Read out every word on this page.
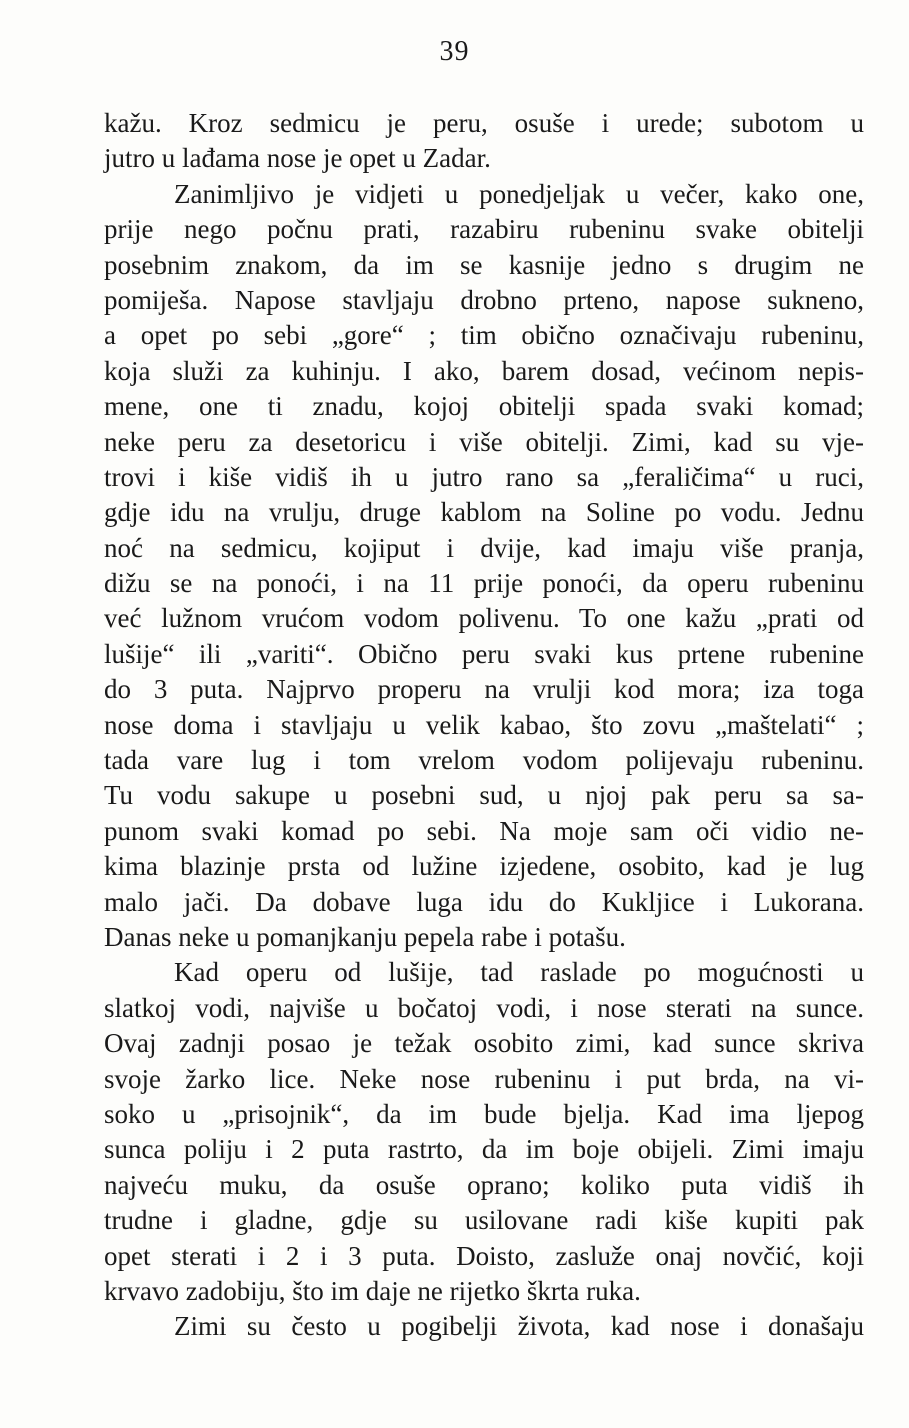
39
kažu. Kroz sedmicu je peru, osuše i urede; subotom u
jutro u lađama nose je opet u Zadar.
Zanimljivo je vidjeti u ponedjeljak u večer, kako one,
prije nego počnu prati, razabiru rubeninu svake obitelji
posebnim znakom, da im se kasnije jedno s drugim ne
pomiješa. Napose stavljaju drobno prteno, napose sukneno,
a opet po sebi „gore“ ; tim obično označivaju rubeninu,
koja služi za kuhinju. I ako, barem dosad, većinom nepis-
mene, one ti znadu, kojoj obitelji spada svaki komad;
neke peru za desetoricu i više obitelji. Zimi, kad su vje-
trovi i kiše vidiš ih u jutro rano sa „feraličima“ u ruci,
gdje idu na vrulju, druge kablom na Soline po vodu. Jednu
noć na sedmicu, kojiput i dvije, kad imaju više pranja,
dižu se na ponoći, i na 11 prije ponoći, da operu rubeninu
već lužnom vrućom vodom polivenu. To one kažu „prati od
lušije“ ili „variti“. Obično peru svaki kus prtene rubenine
do 3 puta. Najprvo properu na vrulji kod mora; iza toga
nose doma i stavljaju u velik kabao, što zovu „maštelati“ ;
tada vare lug i tom vrelom vodom polijevaju rubeninu.
Tu vodu sakupe u posebni sud, u njoj pak peru sa sa-
punom svaki komad po sebi. Na moje sam oči vidio ne-
kima blazinje prsta od lužine izjedene, osobito, kad je lug
malo jači. Da dobave luga idu do Kukljice i Lukorana.
Danas neke u pomanjkanju pepela rabe i potašu.
Kad operu od lušije, tad raslade po mogućnosti u
slatkoj vodi, najviše u bočatoj vodi, i nose sterati na sunce.
Ovaj zadnji posao je težak osobito zimi, kad sunce skriva
svoje žarko lice. Neke nose rubeninu i put brda, na vi-
soko u „prisojnik“, da im bude bjelja. Kad ima ljepog
sunca poliju i 2 puta rastrto, da im boje obijeli. Zimi imaju
najveću muku, da osuše oprano; koliko puta vidiš ih
trudne i gladne, gdje su usilovane radi kiše kupiti pak
opet sterati i 2 i 3 puta. Doisto, zasluže onaj novčić, koji
krvavo zadobiju, što im daje ne rijetko škrta ruka.
Zimi su često u pogibelji života, kad nose i donašaju
